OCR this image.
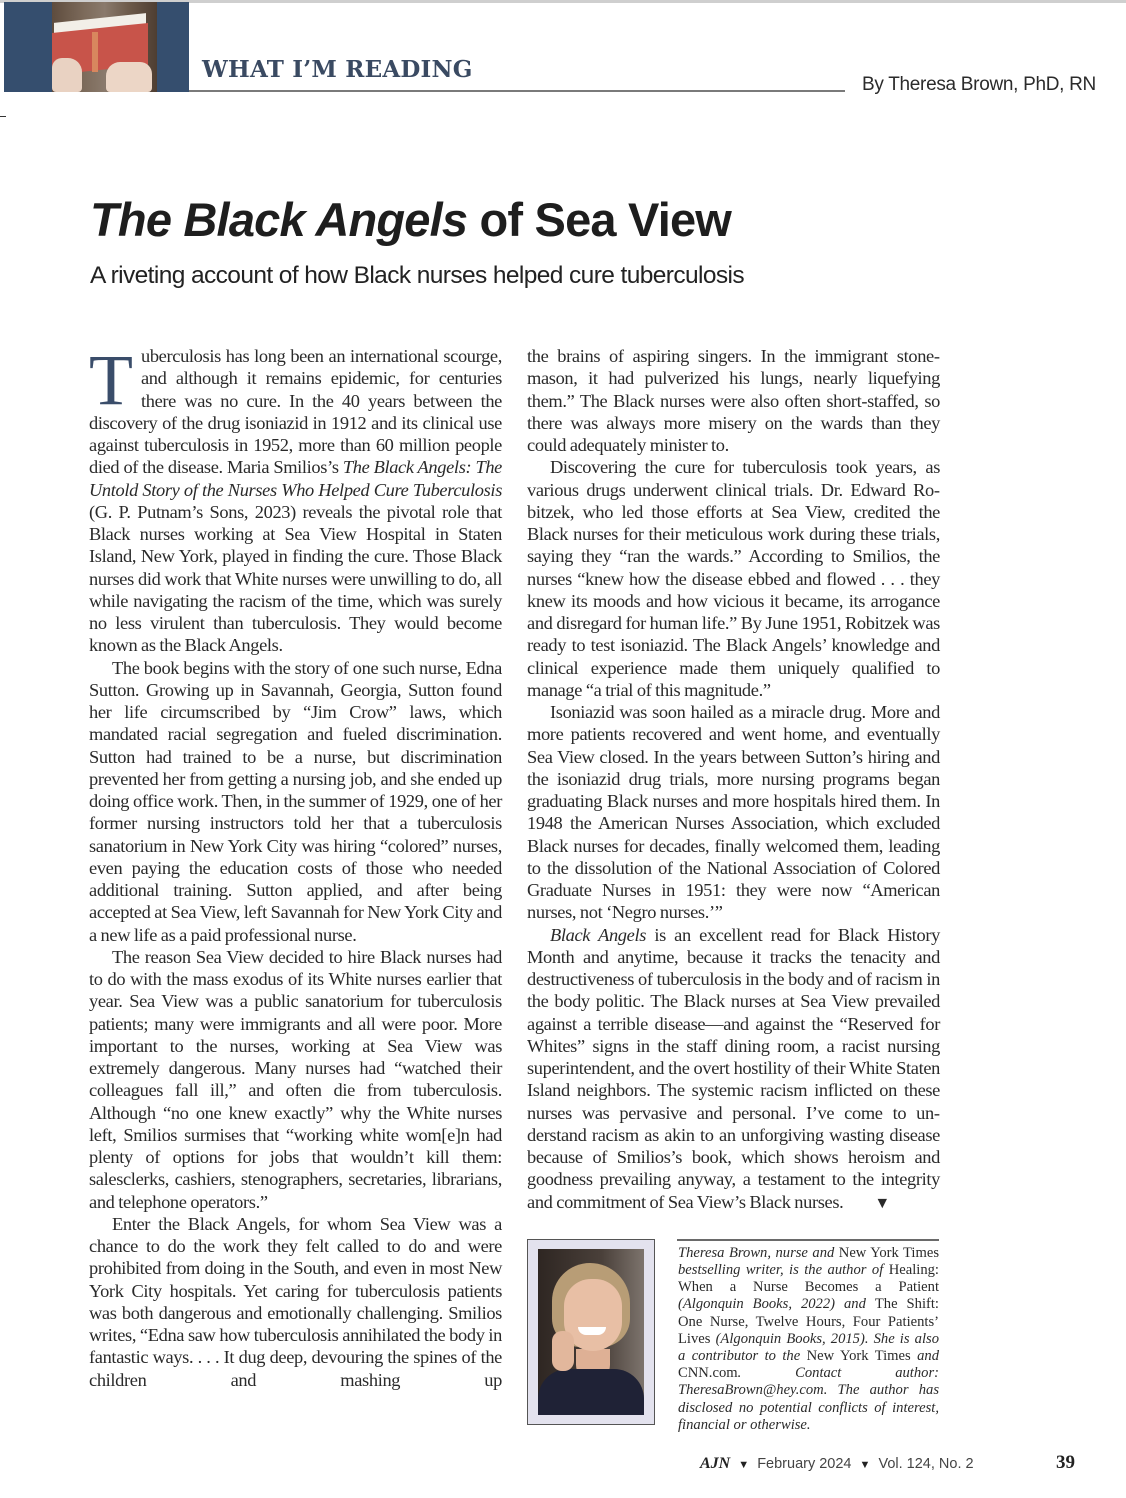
WHAT I’M READING
By Theresa Brown, PhD, RN
The Black Angels of Sea View
A riveting account of how Black nurses helped cure tuberculosis

Tuberculosis has long been an international scourge, and although it remains epidemic, for centuries there was no cure. In the 40 years between the discovery of the drug isoniazid in 1912 and its clinical use against tuberculosis in 1952, more than 60 million people died of the disease. Maria Smilios’s The Black Angels: The Untold Story of the Nurses Who Helped Cure Tuberculosis (G. P. Putnam’s Sons, 2023) reveals the pivotal role that Black nurses working at Sea View Hospital in Staten Island, New York, played in finding the cure. Those Black nurses did work that White nurses were unwilling to do, all while navigating the racism of the time, which was surely no less virulent than tuberculosis. They would become known as the Black Angels.

The book begins with the story of one such nurse, Edna Sutton. Growing up in Savannah, Georgia, Sutton found her life circumscribed by “Jim Crow” laws, which mandated racial segregation and fueled discrimination. Sutton had trained to be a nurse, but discrimination prevented her from getting a nursing job, and she ended up doing office work. Then, in the summer of 1929, one of her former nursing instructors told her that a tuberculosis sanatorium in New York City was hiring “colored” nurses, even paying the education costs of those who needed additional training. Sutton applied, and after being accepted at Sea View, left Savannah for New York City and a new life as a paid professional nurse.

The reason Sea View decided to hire Black nurses had to do with the mass exodus of its White nurses earlier that year. Sea View was a public sanatorium for tuberculosis patients; many were immigrants and all were poor. More important to the nurses, working at Sea View was extremely dangerous. Many nurses had “watched their colleagues fall ill,” and often die from tuberculosis. Although “no one knew exactly” why the White nurses left, Smilios surmises that “working white wom[e]n had plenty of options for jobs that wouldn’t kill them: salesclerks, cashiers, stenographers, secretaries, librarians, and telephone operators.”

Enter the Black Angels, for whom Sea View was a chance to do the work they felt called to do and were prohibited from doing in the South, and even in most New York City hospitals. Yet caring for tuberculosis patients was both dangerous and emotionally challenging. Smilios writes, “Edna saw how tuberculosis annihilated the body in fantastic ways. . . . It dug deep, devouring the spines of the children and mashing up

the brains of aspiring singers. In the immigrant stonemason, it had pulverized his lungs, nearly liquefying them.” The Black nurses were also often short-staffed, so there was always more misery on the wards than they could adequately minister to.

Discovering the cure for tuberculosis took years, as various drugs underwent clinical trials. Dr. Edward Robitzek, who led those efforts at Sea View, credited the Black nurses for their meticulous work during these trials, saying they “ran the wards.” According to Smilios, the nurses “knew how the disease ebbed and flowed . . . they knew its moods and how vicious it became, its arrogance and disregard for human life.” By June 1951, Robitzek was ready to test isoniazid. The Black Angels’ knowledge and clinical experience made them uniquely qualified to manage “a trial of this magnitude.”

Isoniazid was soon hailed as a miracle drug. More and more patients recovered and went home, and eventually Sea View closed. In the years between Sutton’s hiring and the isoniazid drug trials, more nursing programs began graduating Black nurses and more hospitals hired them. In 1948 the American Nurses Association, which excluded Black nurses for decades, finally welcomed them, leading to the dissolution of the National Association of Colored Graduate Nurses in 1951: they were now “American nurses, not ‘Negro nurses.’”

Black Angels is an excellent read for Black History Month and anytime, because it tracks the tenacity and destructiveness of tuberculosis in the body and of racism in the body politic. The Black nurses at Sea View prevailed against a terrible disease—and against the “Reserved for Whites” signs in the staff dining room, a racist nursing superintendent, and the overt hostility of their White Staten Island neighbors. The systemic racism inflicted on these nurses was pervasive and personal. I’ve come to understand racism as akin to an unforgiving wasting disease because of Smilios’s book, which shows heroism and goodness prevailing anyway, a testament to the integrity and commitment of Sea View’s Black nurses. ▼

Theresa Brown, nurse and New York Times bestselling writer, is the author of Healing: When a Nurse Becomes a Patient (Algonquin Books, 2022) and The Shift: One Nurse, Twelve Hours, Four Patients’ Lives (Algonquin Books, 2015). She is also a contributor to the New York Times and CNN.com. Contact author: TheresaBrown@hey.com. The author has disclosed no potential conflicts of interest, financial or otherwise.
AJN ▼ February 2024 ▼ Vol. 124, No. 2	39
